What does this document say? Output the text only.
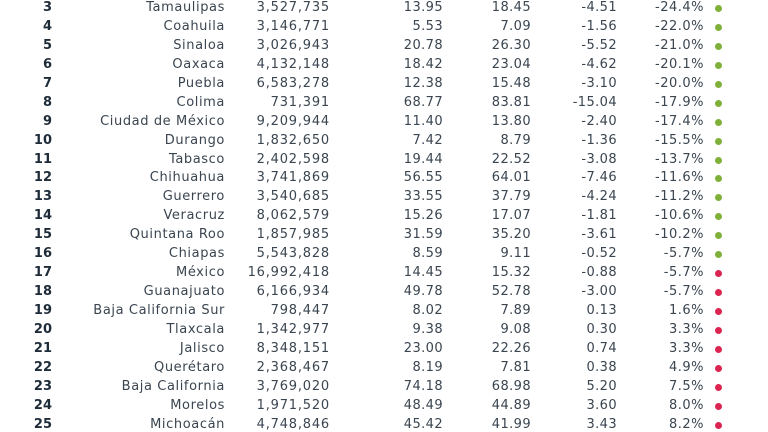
3	Tamaulipas	3,527,735	13.95	18.45	-4.51	-24.4%
4	Coahuila	3,146,771	5.53	7.09	-1.56	-22.0%
5	Sinaloa	3,026,943	20.78	26.30	-5.52	-21.0%
6	Oaxaca	4,132,148	18.42	23.04	-4.62	-20.1%
7	Puebla	6,583,278	12.38	15.48	-3.10	-20.0%
8	Colima	731,391	68.77	83.81	-15.04	-17.9%
9	Ciudad de México	9,209,944	11.40	13.80	-2.40	-17.4%
10	Durango	1,832,650	7.42	8.79	-1.36	-15.5%
11	Tabasco	2,402,598	19.44	22.52	-3.08	-13.7%
12	Chihuahua	3,741,869	56.55	64.01	-7.46	-11.6%
13	Guerrero	3,540,685	33.55	37.79	-4.24	-11.2%
14	Veracruz	8,062,579	15.26	17.07	-1.81	-10.6%
15	Quintana Roo	1,857,985	31.59	35.20	-3.61	-10.2%
16	Chiapas	5,543,828	8.59	9.11	-0.52	-5.7%
17	México	16,992,418	14.45	15.32	-0.88	-5.7%
18	Guanajuato	6,166,934	49.78	52.78	-3.00	-5.7%
19	Baja California Sur	798,447	8.02	7.89	0.13	1.6%
20	Tlaxcala	1,342,977	9.38	9.08	0.30	3.3%
21	Jalisco	8,348,151	23.00	22.26	0.74	3.3%
22	Querétaro	2,368,467	8.19	7.81	0.38	4.9%
23	Baja California	3,769,020	74.18	68.98	5.20	7.5%
24	Morelos	1,971,520	48.49	44.89	3.60	8.0%
25	Michoacán	4,748,846	45.42	41.99	3.43	8.2%
